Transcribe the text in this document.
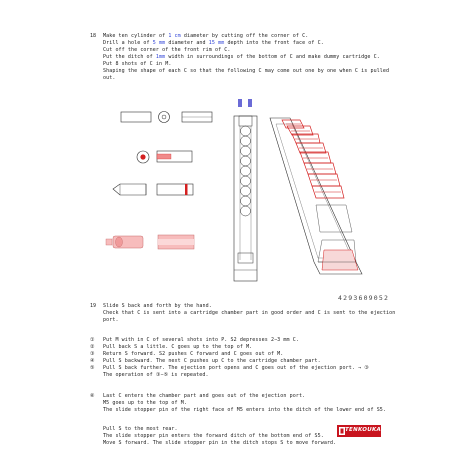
18 Make ten cylinder of 1 cm diameter by cutting off the corner of C.
Drill a hole of 5 mm diameter and 15 mm depth into the front face of C.
Cut off the corner of the front rim of C.
Put the ditch of 1mm width in surroundings of the bottom of C and make dummy cartridge C.
Put 8 shots of C in M.
Shaping the shape of each C so that the following C may come out one by one when C is pulled
out.
4293609052
19 Slide S back and forth by the hand.
Check that C is sent into a cartridge chamber part in good order and C is sent to the ejection
port.
① Put M with in C of several shots into P. S2 depresses 2∼3 mm C.
② Pull back S a little. C goes up to the top of M.
③ Return S forward. S2 pushes C forward and C goes out of M.
④ Pull S backward. The next C pushes up C to the cartridge chamber part.
⑤ Pull S back further. The ejection port opens and C goes out of the ejection port. → ③
The operation of ③∼⑤ is repeated.
⑥ Last C enters the chamber part and goes out of the ejection port.
M5 goes up to the top of M.
The slide stopper pin of the right face of M5 enters into the ditch of the lower end of S5.
Pull S to the most rear.
The slide stopper pin enters the forward ditch of the bottom end of S5.
Move S forward. The slide stopper pin in the ditch stops S to move forward.
TENKOUKAKU
